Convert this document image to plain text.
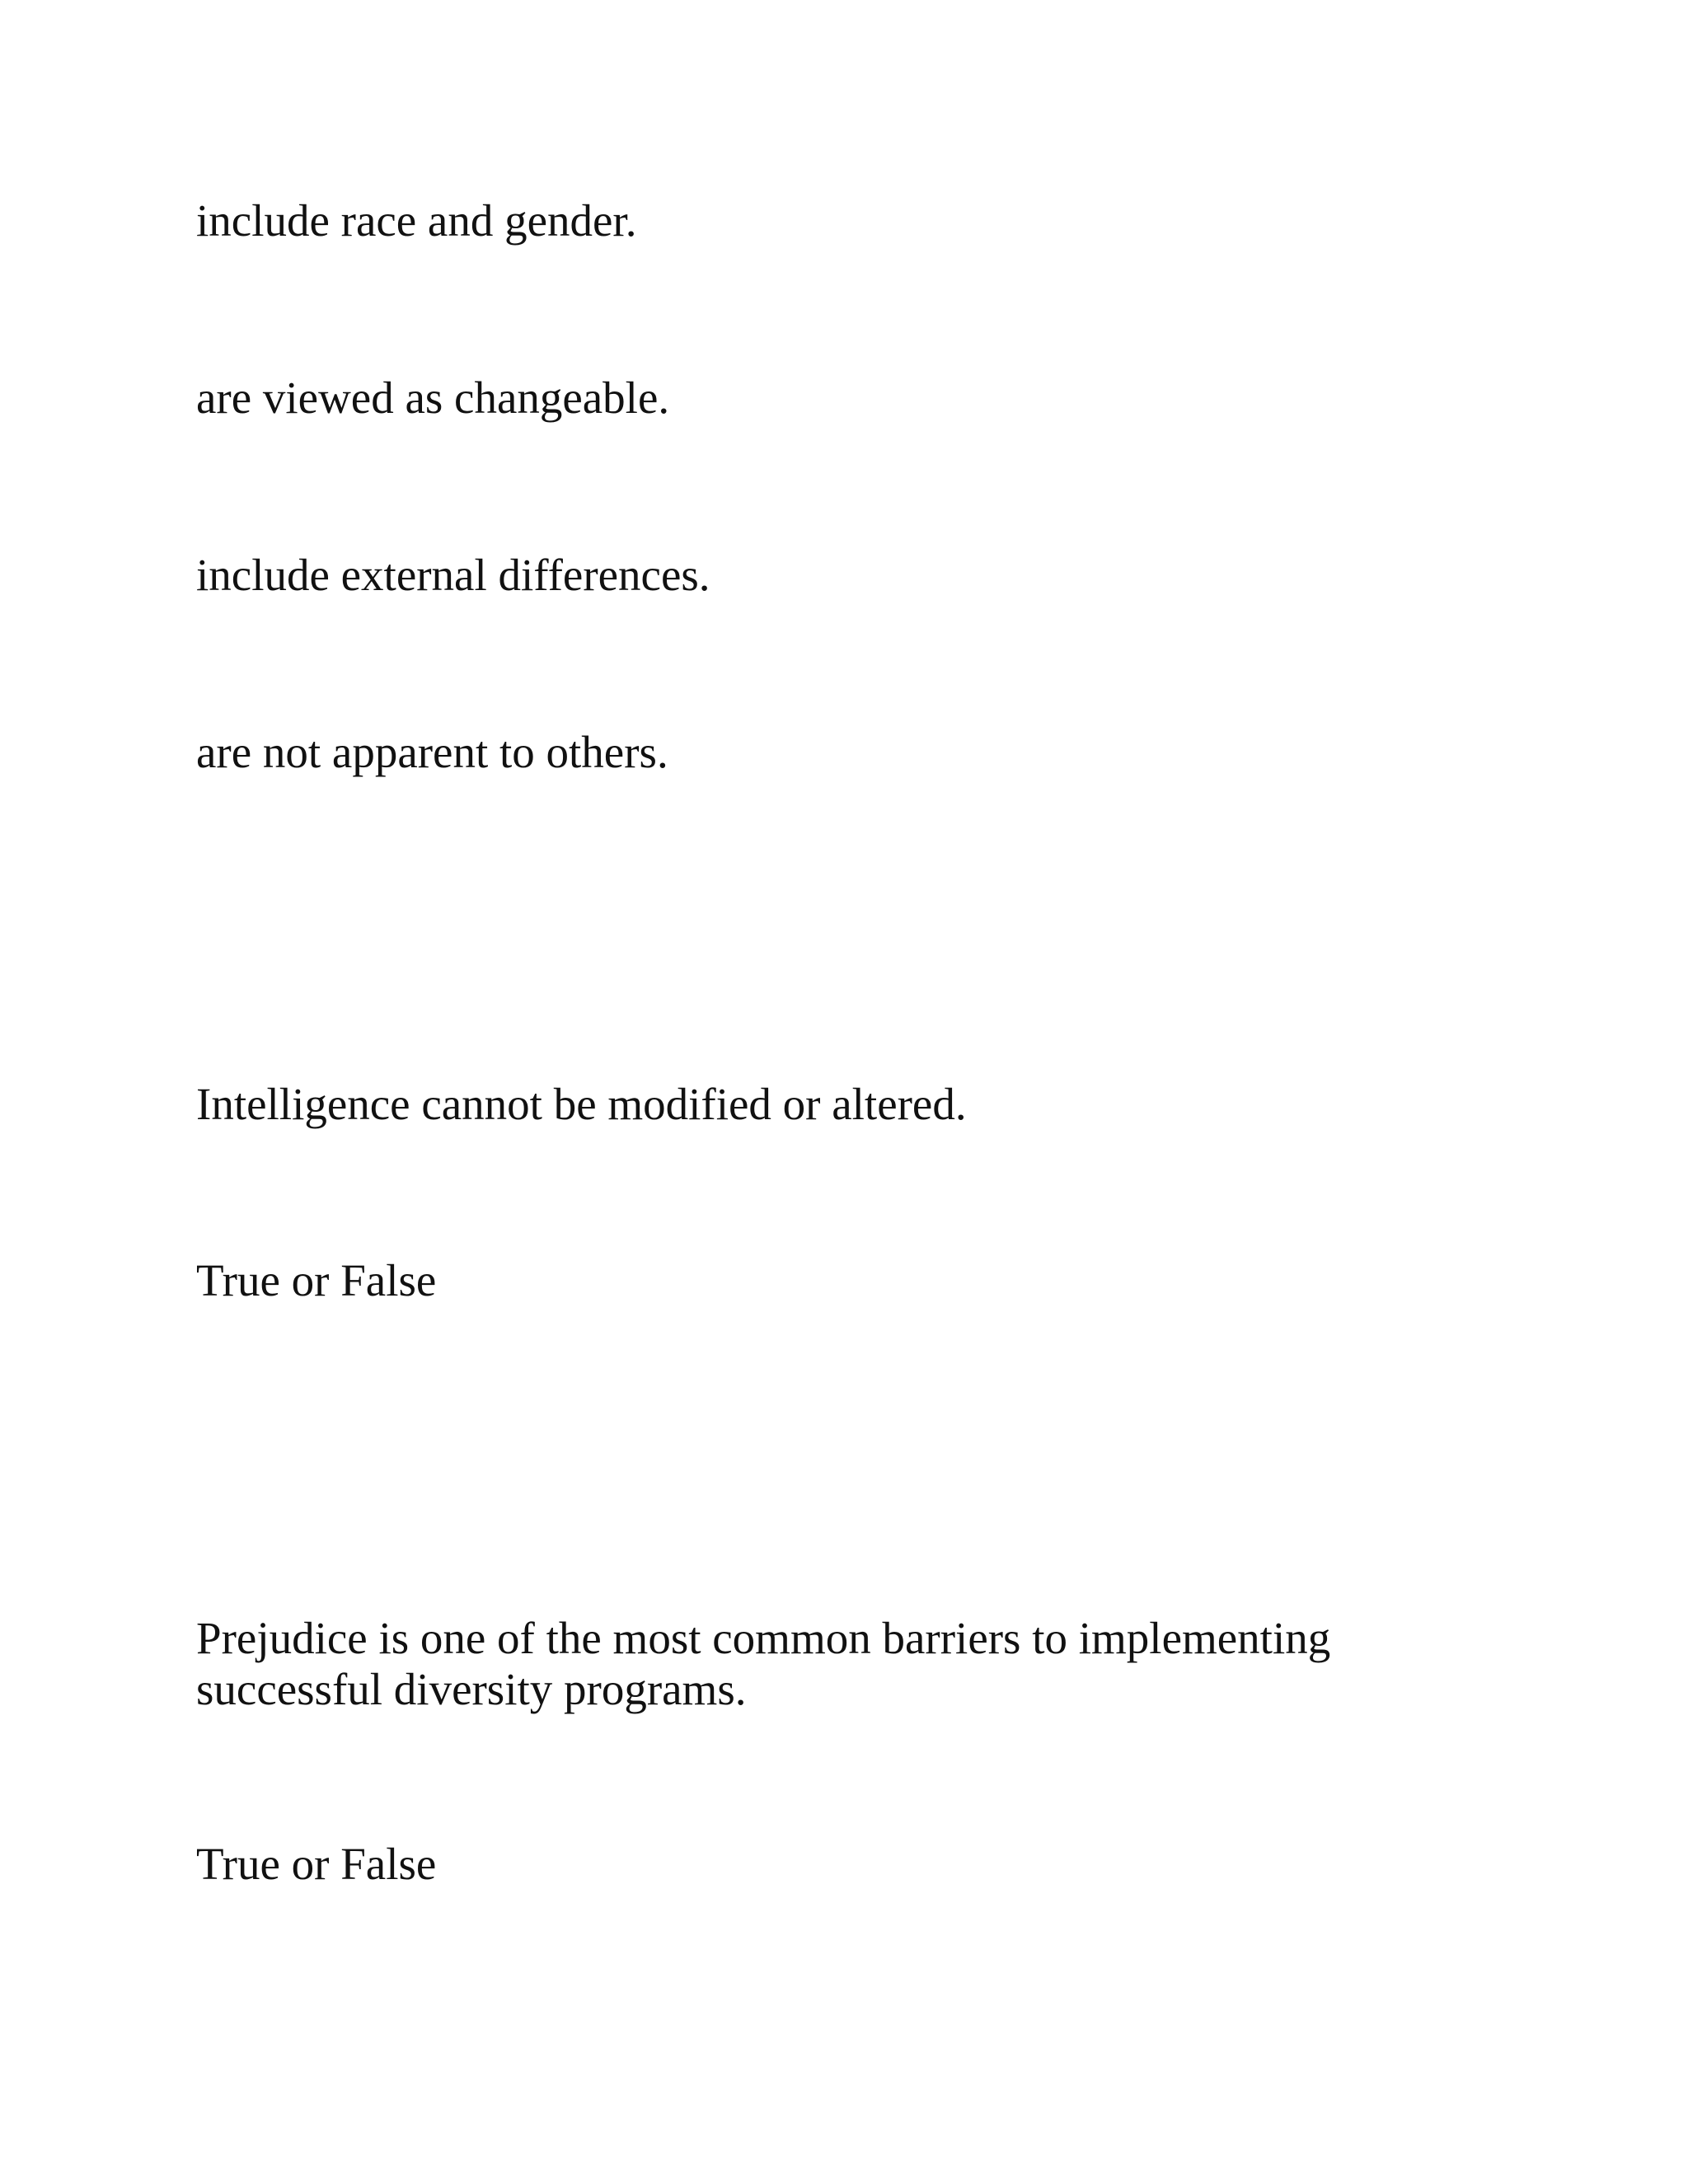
include race and gender.

are viewed as changeable.

include external differences.

are not apparent to others.

Intelligence cannot be modified or altered.

True or False

Prejudice is one of the most common barriers to implementing

successful diversity programs.

True or False
